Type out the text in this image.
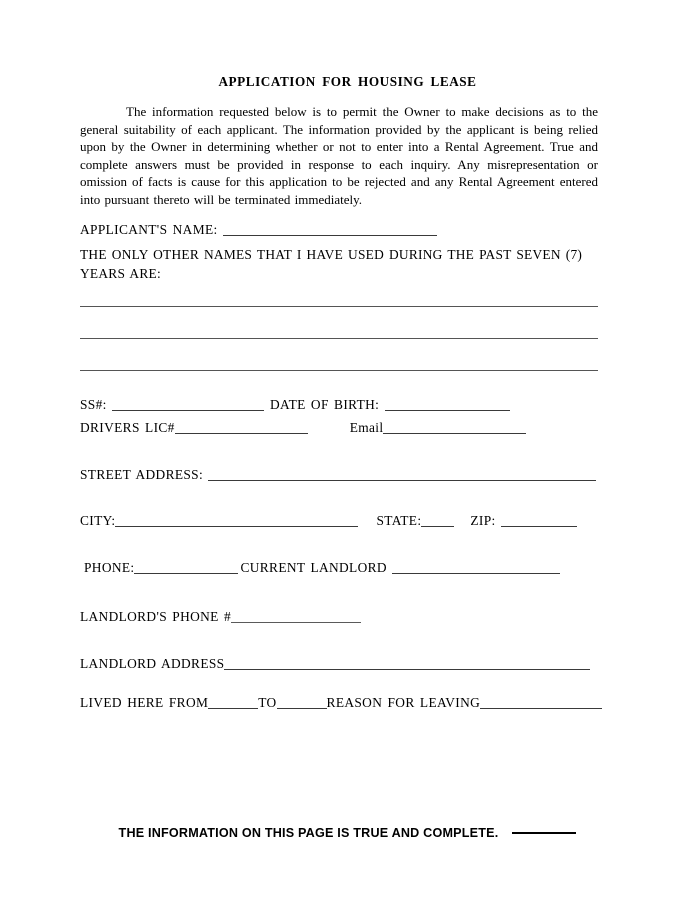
APPLICATION FOR HOUSING LEASE
The information requested below is to permit the Owner to make decisions as to the general suitability of each applicant. The information provided by the applicant is being relied upon by the Owner in determining whether or not to enter into a Rental Agreement. True and complete answers must be provided in response to each inquiry. Any misrepresentation or omission of facts is cause for this application to be rejected and any Rental Agreement entered into pursuant thereto will be terminated immediately.
APPLICANT'S NAME:
THE ONLY OTHER NAMES THAT I HAVE USED DURING THE PAST SEVEN (7)
YEARS ARE:
SS#:	DATE OF BIRTH:
DRIVERS LIC#	Email
STREET ADDRESS:
CITY:	STATE:	ZIP:
PHONE:	CURRENT LANDLORD
LANDLORD'S PHONE #
LANDLORD ADDRESS
LIVED HERE FROM	TO	REASON FOR LEAVING
THE INFORMATION ON THIS PAGE IS TRUE AND COMPLETE.
